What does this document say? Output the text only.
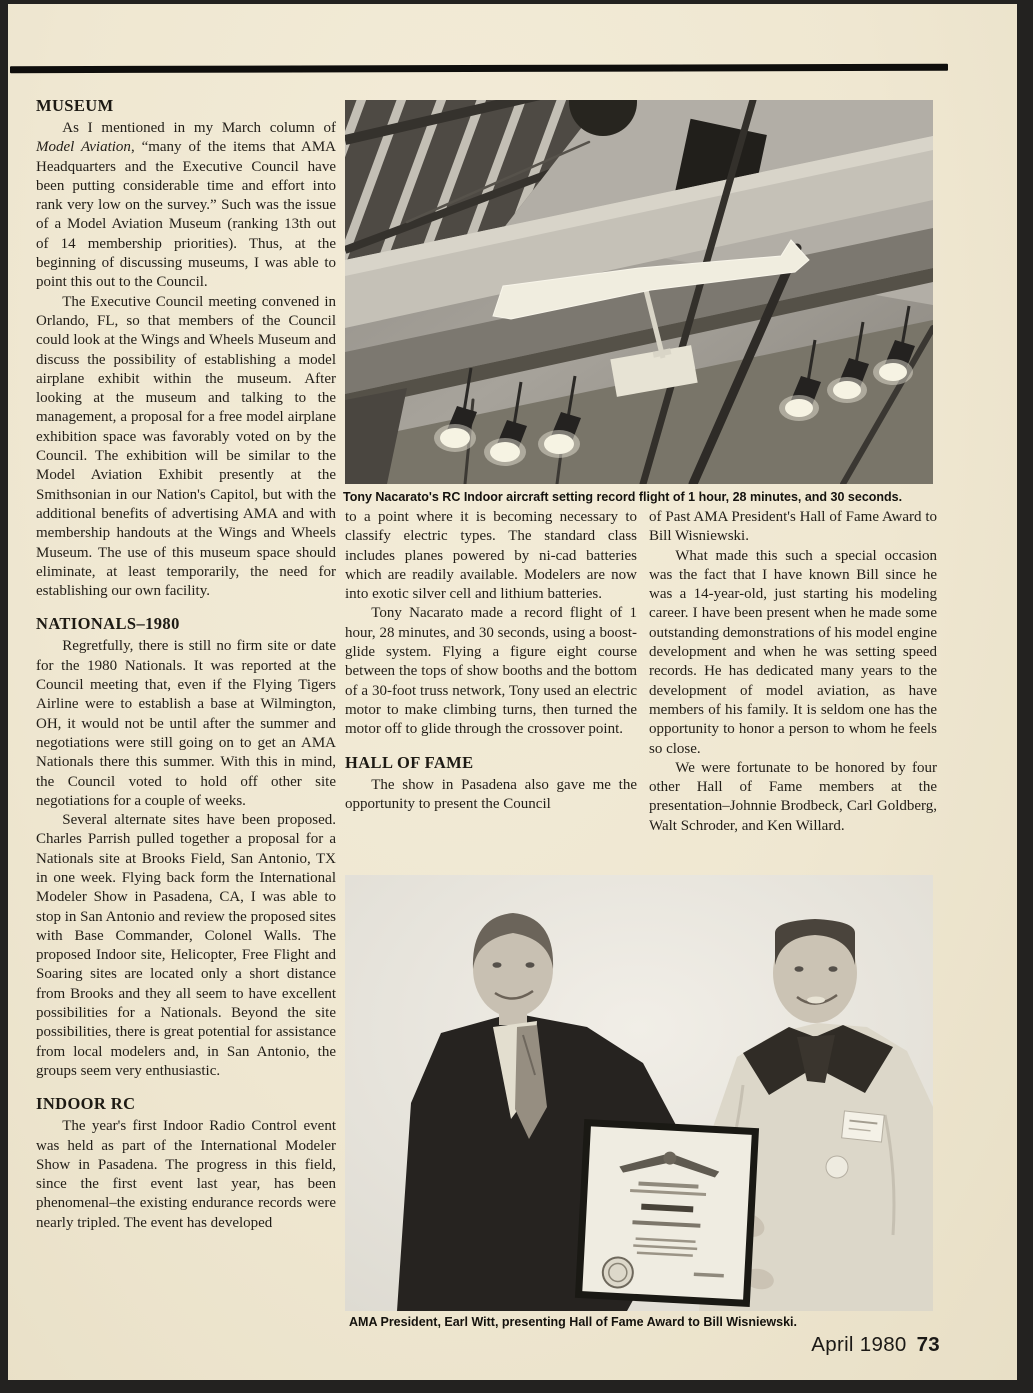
MUSEUM

As I mentioned in my March column of Model Aviation, “many of the items that AMA Headquarters and the Executive Council have been putting considerable time and effort into rank very low on the survey.” Such was the issue of a Model Aviation Museum (ranking 13th out of 14 membership priorities). Thus, at the beginning of discussing museums, I was able to point this out to the Council.

The Executive Council meeting convened in Orlando, FL, so that members of the Council could look at the Wings and Wheels Museum and discuss the possibility of establishing a model airplane exhibit within the museum. After looking at the museum and talking to the management, a proposal for a free model airplane exhibition space was favorably voted on by the Council. The exhibition will be similar to the Model Aviation Exhibit presently at the Smithsonian in our Nation's Capitol, but with the additional benefits of advertising AMA and with membership handouts at the Wings and Wheels Museum. The use of this museum space should eliminate, at least temporarily, the need for establishing our own facility.

NATIONALS–1980

Regretfully, there is still no firm site or date for the 1980 Nationals. It was reported at the Council meeting that, even if the Flying Tigers Airline were to establish a base at Wilmington, OH, it would not be until after the summer and negotiations were still going on to get an AMA Nationals there this summer. With this in mind, the Council voted to hold off other site negotiations for a couple of weeks.

Several alternate sites have been proposed. Charles Parrish pulled together a proposal for a Nationals site at Brooks Field, San Antonio, TX in one week. Flying back form the International Modeler Show in Pasadena, CA, I was able to stop in San Antonio and review the proposed sites with Base Commander, Colonel Walls. The proposed Indoor site, Helicopter, Free Flight and Soaring sites are located only a short distance from Brooks and they all seem to have excellent possibilities for a Nationals. Beyond the site possibilities, there is great potential for assistance from local modelers and, in San Antonio, the groups seem very enthusiastic.

INDOOR RC

The year's first Indoor Radio Control event was held as part of the International Modeler Show in Pasadena. The progress in this field, since the first event last year, has been phenomenal–the existing endurance records were nearly tripled. The event has developed

Tony Nacarato's RC Indoor aircraft setting record flight of 1 hour, 28 minutes, and 30 seconds.

to a point where it is becoming necessary to classify electric types. The standard class includes planes powered by ni-cad batteries which are readily available. Modelers are now into exotic silver cell and lithium batteries.

Tony Nacarato made a record flight of 1 hour, 28 minutes, and 30 seconds, using a boost-glide system. Flying a figure eight course between the tops of show booths and the bottom of a 30-foot truss network, Tony used an electric motor to make climbing turns, then turned the motor off to glide through the crossover point.

HALL OF FAME

The show in Pasadena also gave me the opportunity to present the Council

of Past AMA President's Hall of Fame Award to Bill Wisniewski.

What made this such a special occasion was the fact that I have known Bill since he was a 14-year-old, just starting his modeling career. I have been present when he made some outstanding demonstrations of his model engine development and when he was setting speed records. He has dedicated many years to the development of model aviation, as have members of his family. It is seldom one has the opportunity to honor a person to whom he feels so close.

We were fortunate to be honored by four other Hall of Fame members at the presentation–Johnnie Brodbeck, Carl Goldberg, Walt Schroder, and Ken Willard.

AMA President, Earl Witt, presenting Hall of Fame Award to Bill Wisniewski.
April 1980 73
